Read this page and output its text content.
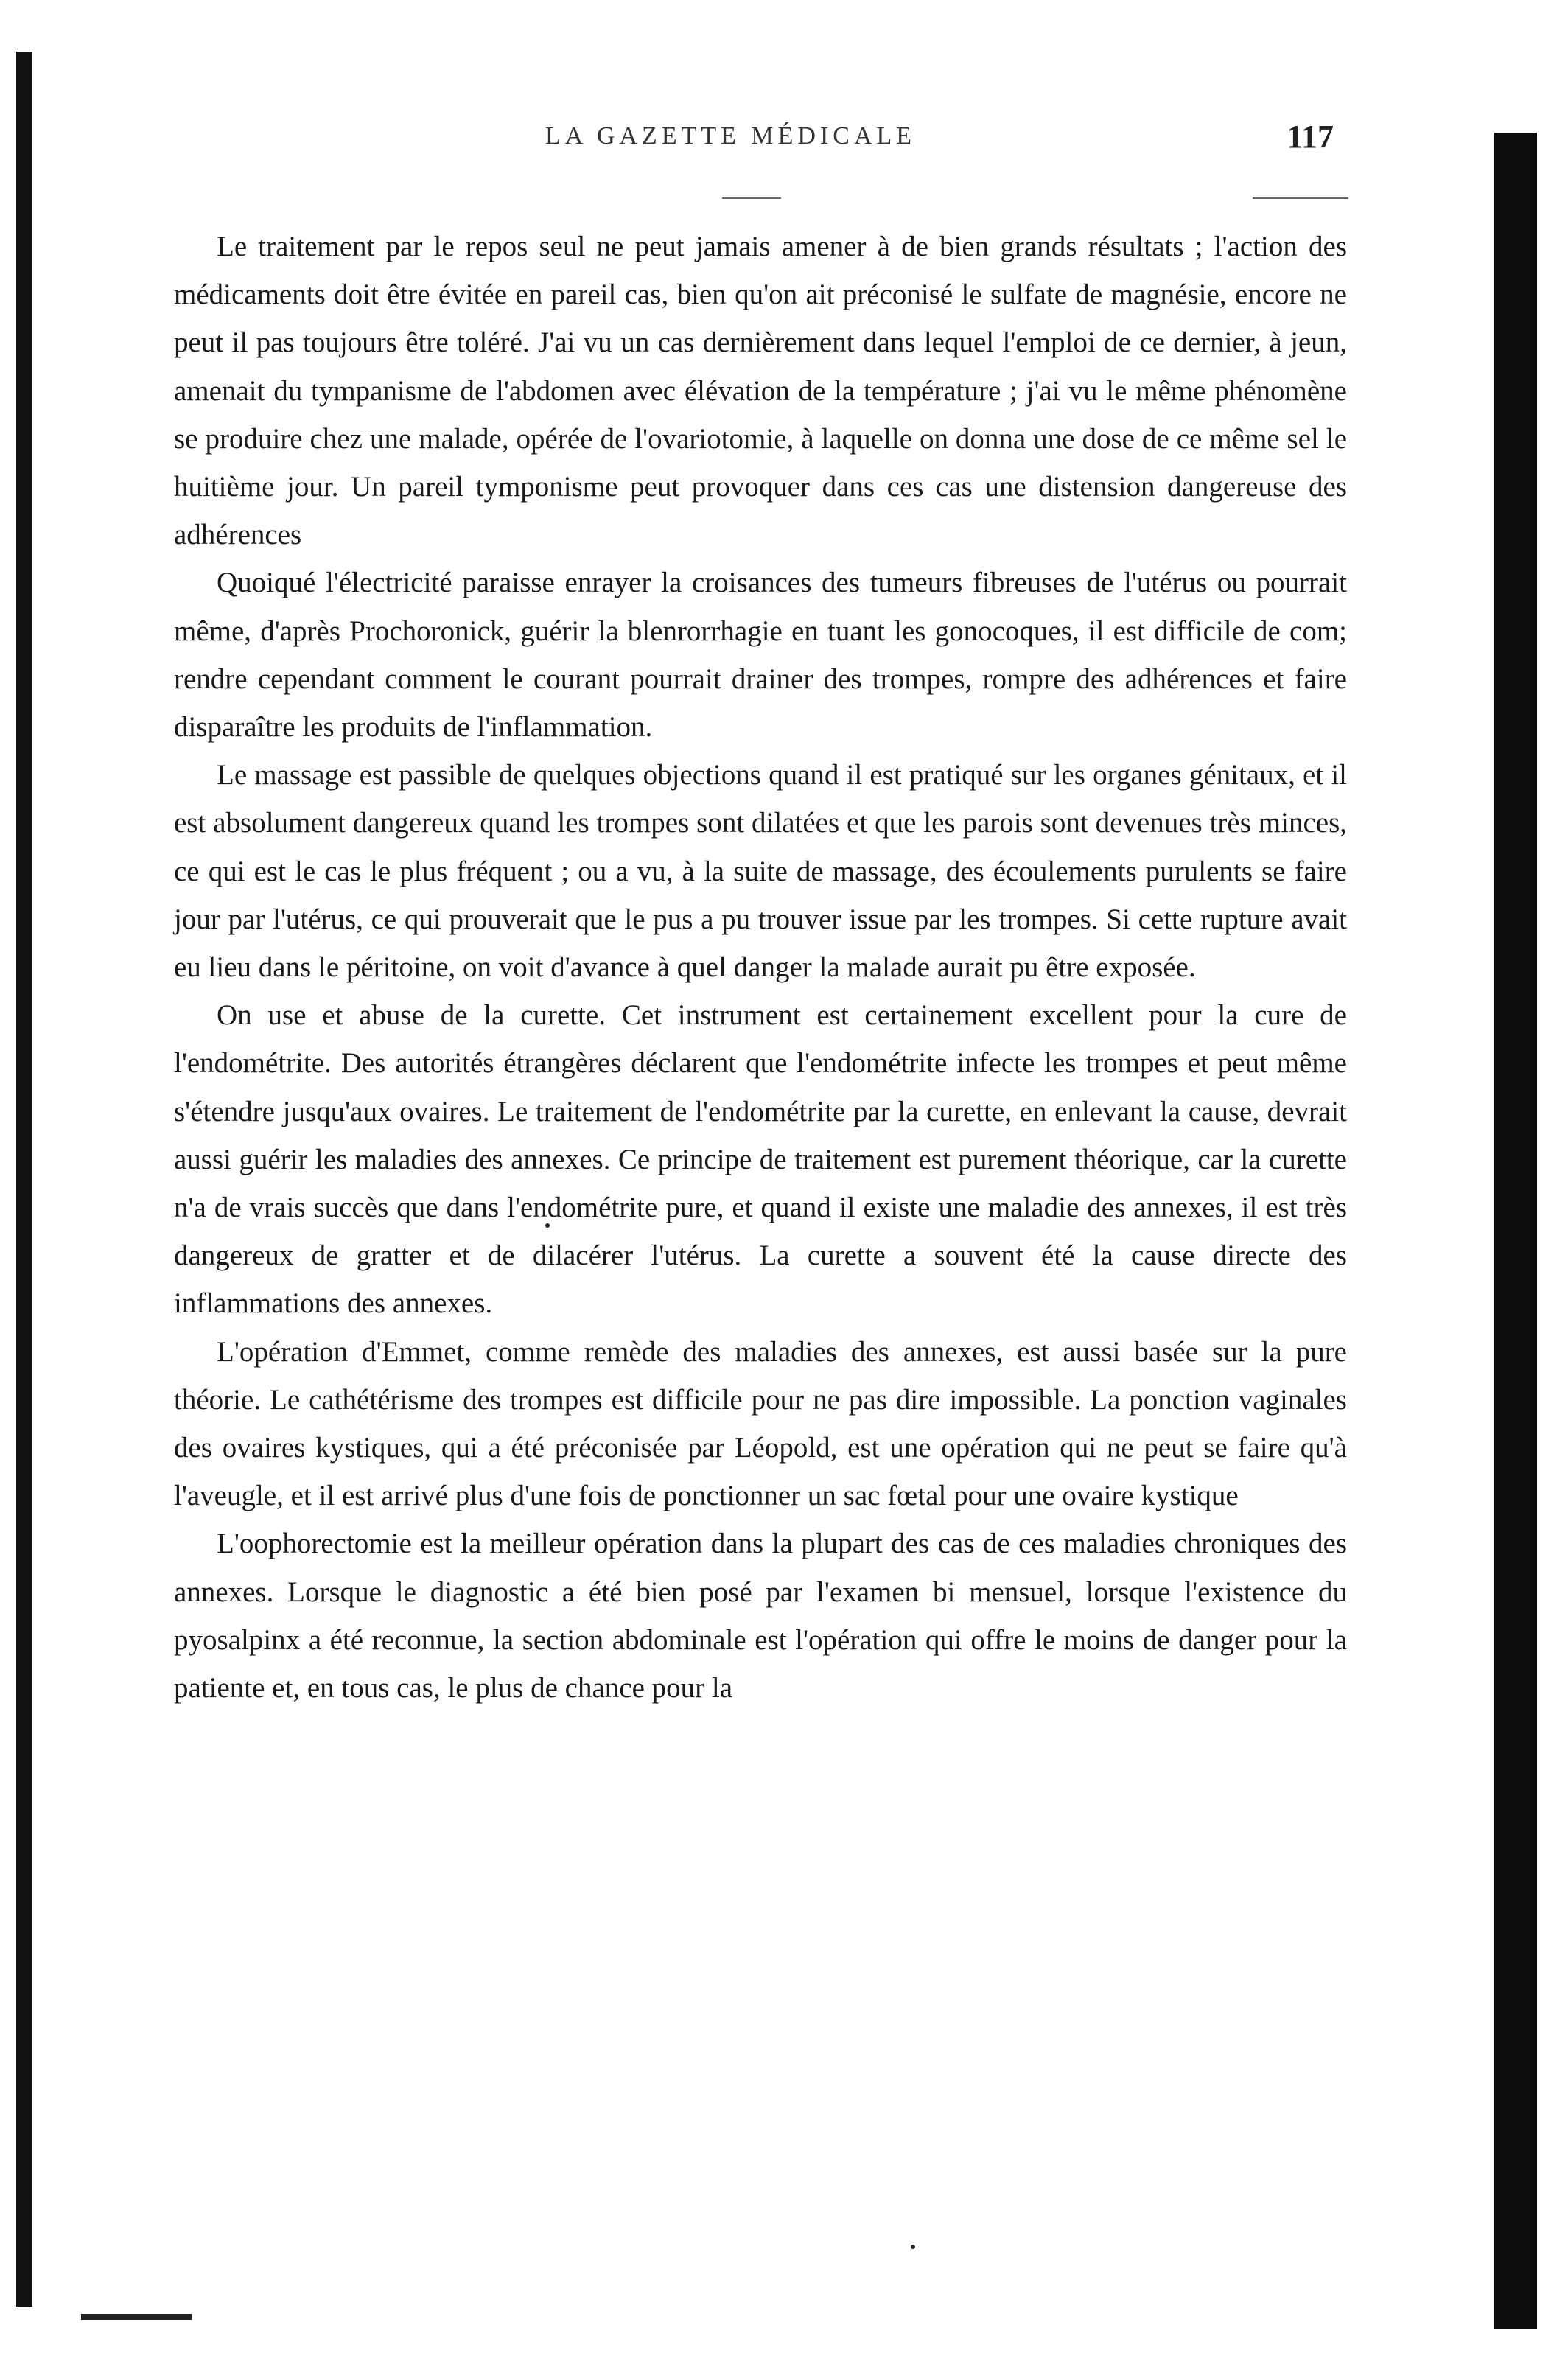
LA GAZETTE MÉDICALE	117

Le traitement par le repos seul ne peut jamais amener à de bien grands résultats ; l'action des médicaments doit être évitée en pareil cas, bien qu'on ait préconisé le sulfate de magnésie, encore ne peut il pas toujours être toléré. J'ai vu un cas dernièrement dans lequel l'emploi de ce dernier, à jeun, amenait du tympanisme de l'abdomen avec élévation de la température ; j'ai vu le même phénomène se produire chez une malade, opérée de l'ovariotomie, à laquelle on donna une dose de ce même sel le huitième jour. Un pareil tymponisme peut provoquer dans ces cas une distension dangereuse des adhérences

Quoiqué l'électricité paraisse enrayer la croisances des tumeurs fibreuses de l'utérus ou pourrait même, d'après Prochoronick, guérir la blenrorrhagie en tuant les gonocoques, il est difficile de com; rendre cependant comment le courant pourrait drainer des trompes, rompre des adhérences et faire disparaître les produits de l'inflammation.

Le massage est passible de quelques objections quand il est pratiqué sur les organes génitaux, et il est absolument dangereux quand les trompes sont dilatées et que les parois sont devenues très minces, ce qui est le cas le plus fréquent ; ou a vu, à la suite de massage, des écoulements purulents se faire jour par l'utérus, ce qui prouverait que le pus a pu trouver issue par les trompes. Si cette rupture avait eu lieu dans le péritoine, on voit d'avance à quel danger la malade aurait pu être exposée.

On use et abuse de la curette. Cet instrument est certainement excellent pour la cure de l'endométrite. Des autorités étrangères déclarent que l'endométrite infecte les trompes et peut même s'étendre jusqu'aux ovaires. Le traitement de l'endométrite par la curette, en enlevant la cause, devrait aussi guérir les maladies des annexes. Ce principe de traitement est purement théorique, car la curette n'a de vrais succès que dans l'endométrite pure, et quand il existe une maladie des annexes, il est très dangereux de gratter et de dilacérer l'utérus. La curette a souvent été la cause directe des inflammations des annexes.

L'opération d'Emmet, comme remède des maladies des annexes, est aussi basée sur la pure théorie. Le cathétérisme des trompes est difficile pour ne pas dire impossible. La ponction vaginales des ovaires kystiques, qui a été préconisée par Léopold, est une opération qui ne peut se faire qu'à l'aveugle, et il est arrivé plus d'une fois de ponctionner un sac fœtal pour une ovaire kystique

L'oophorectomie est la meilleur opération dans la plupart des cas de ces maladies chroniques des annexes. Lorsque le diagnostic a été bien posé par l'examen bi mensuel, lorsque l'existence du pyosalpinx a été reconnue, la section abdominale est l'opération qui offre le moins de danger pour la patiente et, en tous cas, le plus de chance pour la
